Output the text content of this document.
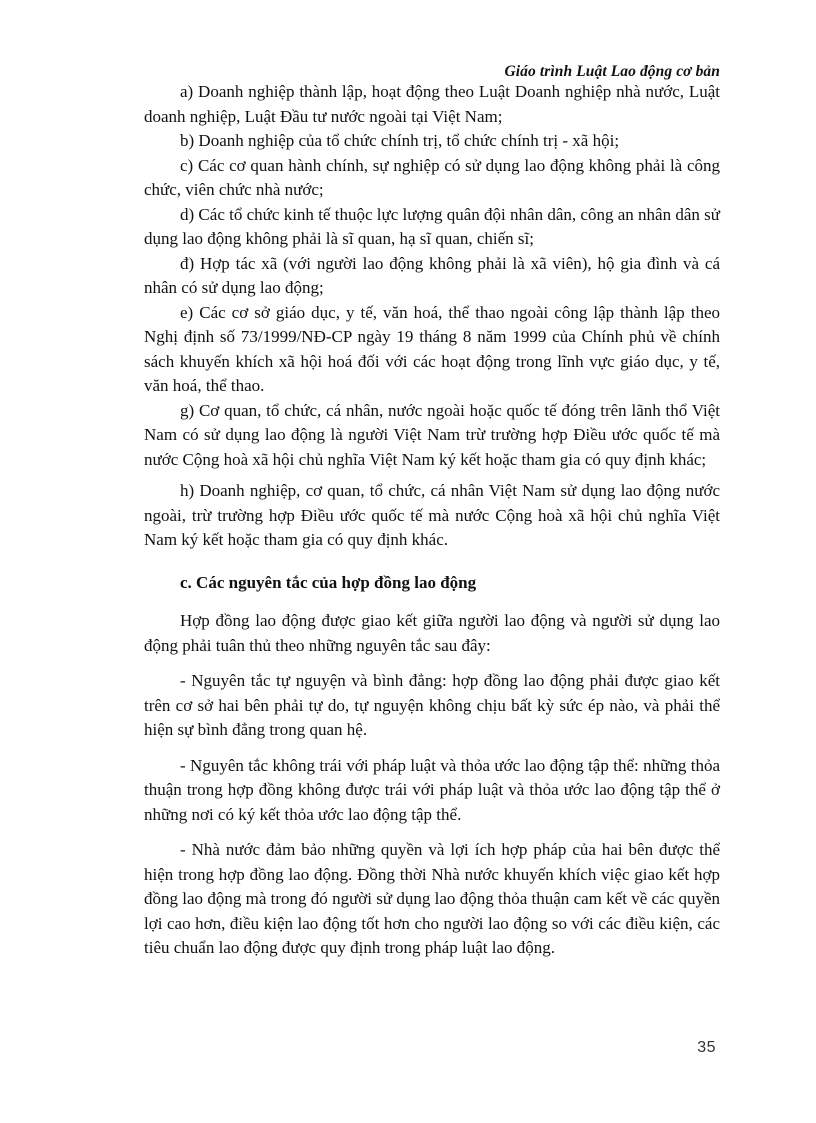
Giáo trình Luật Lao động cơ bản

a) Doanh nghiệp thành lập, hoạt động theo Luật Doanh nghiệp nhà nước, Luật doanh nghiệp, Luật Đầu tư nước ngoài tại Việt Nam;

b) Doanh nghiệp của tổ chức chính trị, tổ chức chính trị - xã hội;

c) Các cơ quan hành chính, sự nghiệp có sử dụng lao động không phải là công chức, viên chức nhà nước;

d) Các tổ chức kinh tế thuộc lực lượng quân đội nhân dân, công an nhân dân sử dụng lao động không phải là sĩ quan, hạ sĩ quan, chiến sĩ;

đ) Hợp tác xã (với người lao động không phải là xã viên), hộ gia đình và cá nhân có sử dụng lao động;

e) Các cơ sở giáo dục, y tế, văn hoá, thể thao ngoài công lập thành lập theo Nghị định số 73/1999/NĐ-CP ngày 19 tháng 8 năm 1999 của Chính phủ về chính sách khuyến khích xã hội hoá đối với các hoạt động trong lĩnh vực giáo dục, y tế, văn hoá, thể thao.

g) Cơ quan, tổ chức, cá nhân, nước ngoài hoặc quốc tế đóng trên lãnh thổ Việt Nam có sử dụng lao động là người Việt Nam trừ trường hợp Điều ước quốc tế mà nước Cộng hoà xã hội chủ nghĩa Việt Nam ký kết hoặc tham gia có quy định khác;

h) Doanh nghiệp, cơ quan, tổ chức, cá nhân Việt Nam sử dụng lao động nước ngoài, trừ trường hợp Điều ước quốc tế mà nước Cộng hoà xã hội chủ nghĩa Việt Nam ký kết hoặc tham gia có quy định khác.

c. Các nguyên tắc của hợp đồng lao động

Hợp đồng lao động được giao kết giữa người lao động và người sử dụng lao động phải tuân thủ theo những nguyên tắc sau đây:

- Nguyên tắc tự nguyện và bình đẳng: hợp đồng lao động phải được giao kết trên cơ sở hai bên phải tự do, tự nguyện không chịu bất kỳ sức ép nào, và phải thể hiện sự bình đẳng trong quan hệ.

- Nguyên tắc không trái với pháp luật và thỏa ước lao động tập thể: những thỏa thuận trong hợp đồng không được trái với pháp luật và thỏa ước lao động tập thể ở những nơi có ký kết thỏa ước lao động tập thể.

- Nhà nước đảm bảo những quyền và lợi ích hợp pháp của hai bên được thể hiện trong hợp đồng lao động. Đồng thời Nhà nước khuyến khích việc giao kết hợp đồng lao động mà trong đó người sử dụng lao động thỏa thuận cam kết về các quyền lợi cao hơn, điều kiện lao động tốt hơn cho người lao động so với các điều kiện, các tiêu chuẩn lao động được quy định trong pháp luật lao động.

35
